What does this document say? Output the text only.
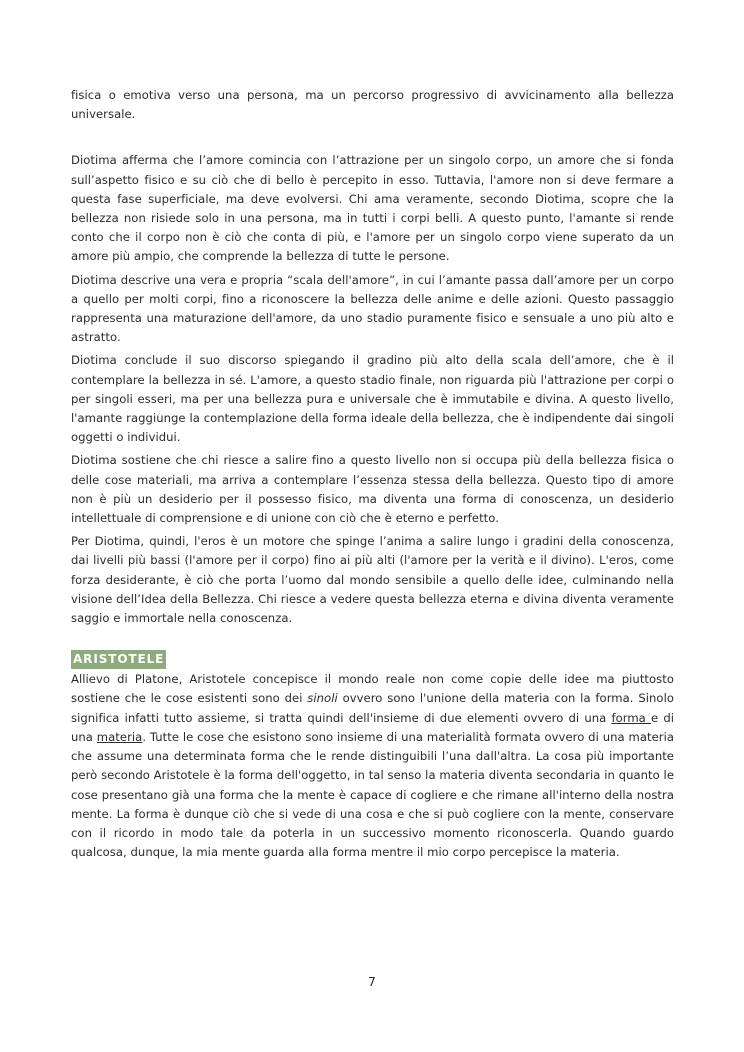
fisica o emotiva verso una persona, ma un percorso progressivo di avvicinamento alla bellezza universale.

Diotima afferma che l’amore comincia con l’attrazione per un singolo corpo, un amore che si fonda sull’aspetto fisico e su ciò che di bello è percepito in esso. Tuttavia, l'amore non si deve fermare a questa fase superficiale, ma deve evolversi. Chi ama veramente, secondo Diotima, scopre che la bellezza non risiede solo in una persona, ma in tutti i corpi belli. A questo punto, l'amante si rende conto che il corpo non è ciò che conta di più, e l'amore per un singolo corpo viene superato da un amore più ampio, che comprende la bellezza di tutte le persone.

Diotima descrive una vera e propria “scala dell'amore”, in cui l’amante passa dall’amore per un corpo a quello per molti corpi, fino a riconoscere la bellezza delle anime e delle azioni. Questo passaggio rappresenta una maturazione dell'amore, da uno stadio puramente fisico e sensuale a uno più alto e astratto.

Diotima conclude il suo discorso spiegando il gradino più alto della scala dell’amore, che è il contemplare la bellezza in sé. L'amore, a questo stadio finale, non riguarda più l'attrazione per corpi o per singoli esseri, ma per una bellezza pura e universale che è immutabile e divina. A questo livello, l'amante raggiunge la contemplazione della forma ideale della bellezza, che è indipendente dai singoli oggetti o individui.

Diotima sostiene che chi riesce a salire fino a questo livello non si occupa più della bellezza fisica o delle cose materiali, ma arriva a contemplare l’essenza stessa della bellezza. Questo tipo di amore non è più un desiderio per il possesso fisico, ma diventa una forma di conoscenza, un desiderio intellettuale di comprensione e di unione con ciò che è eterno e perfetto.

Per Diotima, quindi, l'eros è un motore che spinge l’anima a salire lungo i gradini della conoscenza, dai livelli più bassi (l'amore per il corpo) fino ai più alti (l'amore per la verità e il divino). L'eros, come forza desiderante, è ciò che porta l’uomo dal mondo sensibile a quello delle idee, culminando nella visione dell’Idea della Bellezza. Chi riesce a vedere questa bellezza eterna e divina diventa veramente saggio e immortale nella conoscenza.

ARISTOTELE

Allievo di Platone, Aristotele concepisce il mondo reale non come copie delle idee ma piuttosto sostiene che le cose esistenti sono dei sinoli ovvero sono l'unione della materia con la forma. Sinolo significa infatti tutto assieme, si tratta quindi dell'insieme di due elementi ovvero di una forma e di una materia. Tutte le cose che esistono sono insieme di una materialità formata ovvero di una materia che assume una determinata forma che le rende distinguibili l’una dall'altra. La cosa più importante però secondo Aristotele è la forma dell'oggetto, in tal senso la materia diventa secondaria in quanto le cose presentano già una forma che la mente è capace di cogliere e che rimane all'interno della nostra mente. La forma è dunque ciò che si vede di una cosa e che si può cogliere con la mente, conservare con il ricordo in modo tale da poterla in un successivo momento riconoscerla. Quando guardo qualcosa, dunque, la mia mente guarda alla forma mentre il mio corpo percepisce la materia.

7
